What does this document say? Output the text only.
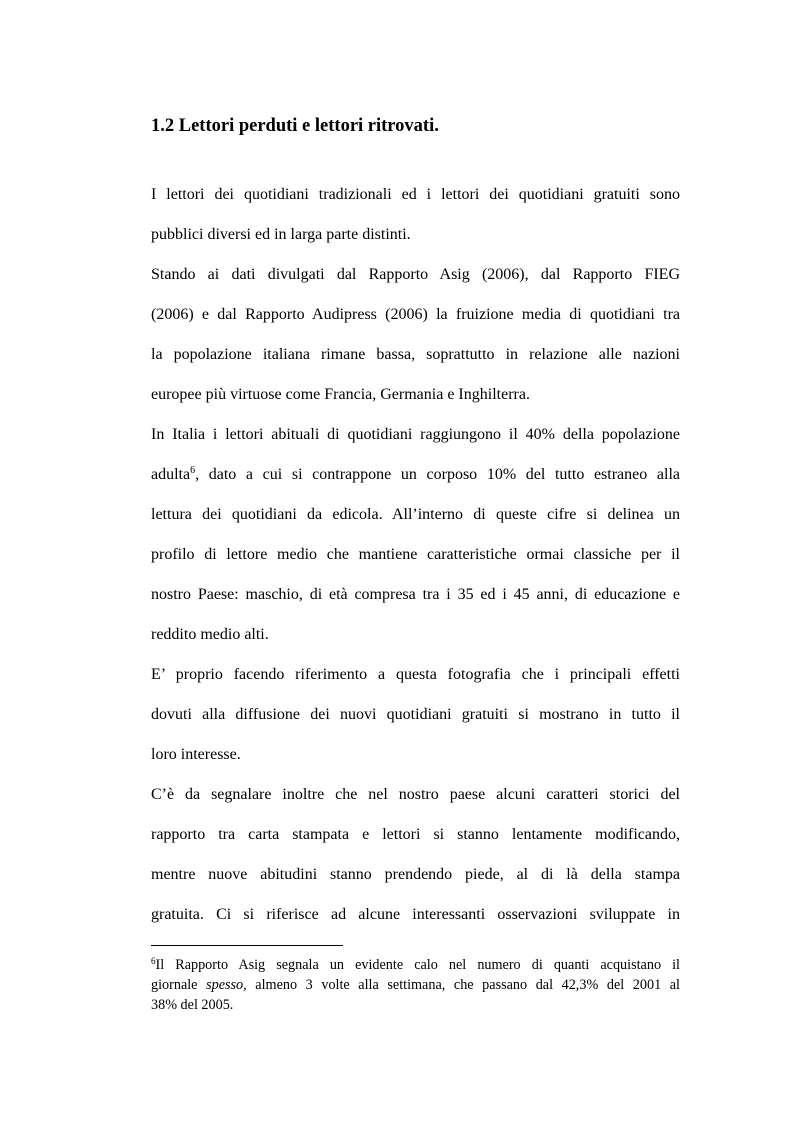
1.2 Lettori perduti e lettori ritrovati.
I lettori dei quotidiani tradizionali ed i lettori dei quotidiani gratuiti sono
pubblici diversi ed in larga parte distinti.
Stando ai dati divulgati dal Rapporto Asig (2006), dal Rapporto FIEG
(2006) e dal Rapporto Audipress (2006) la fruizione media di quotidiani tra
la popolazione italiana rimane bassa, soprattutto in relazione alle nazioni
europee più virtuose come Francia, Germania e Inghilterra.
In Italia i lettori abituali di quotidiani raggiungono il 40% della popolazione
adulta$^6$, dato a cui si contrappone un corposo 10% del tutto estraneo alla
lettura dei quotidiani da edicola. All’interno di queste cifre si delinea un
profilo di lettore medio che mantiene caratteristiche ormai classiche per il
nostro Paese: maschio, di età compresa tra i 35 ed i 45 anni, di educazione e
reddito medio alti.
E’ proprio facendo riferimento a questa fotografia che i principali effetti
dovuti alla diffusione dei nuovi quotidiani gratuiti si mostrano in tutto il
loro interesse.
C’è da segnalare inoltre che nel nostro paese alcuni caratteri storici del
rapporto tra carta stampata e lettori si stanno lentamente modificando,
mentre nuove abitudini stanno prendendo piede, al di là della stampa
gratuita. Ci si riferisce ad alcune interessanti osservazioni sviluppate in
$^6$Il Rapporto Asig segnala un evidente calo nel numero di quanti acquistano il
giornale spesso, almeno 3 volte alla settimana, che passano dal 42,3% del 2001 al
38% del 2005.
